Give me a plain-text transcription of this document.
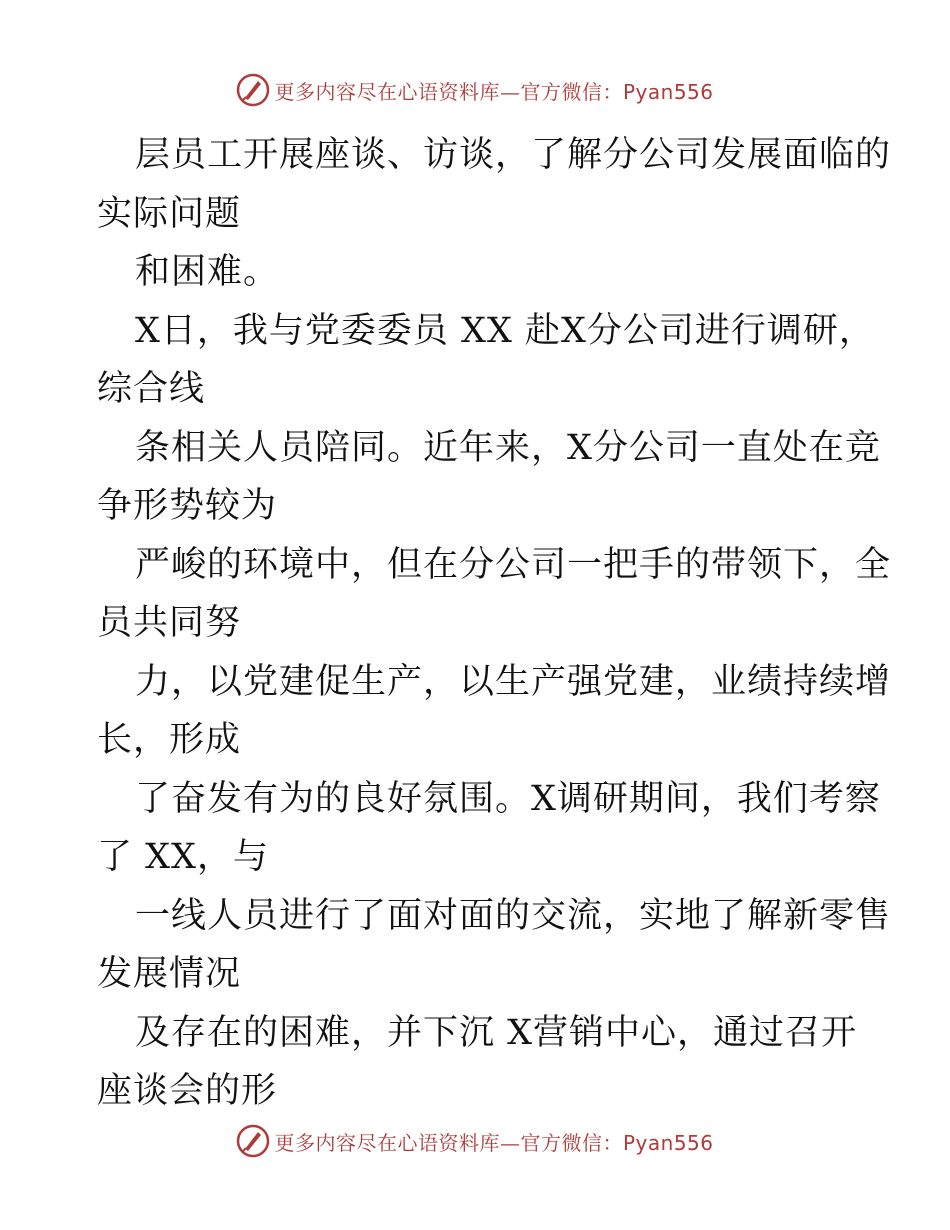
更多内容尽在心语资料库—官方微信：Pyan556
层员工开展座谈、访谈，了解分公司发展面临的
实际问题
和困难。
X日，我与党委委员 XX 赴X分公司进行调研，
综合线
条相关人员陪同。近年来，X分公司一直处在竞
争形势较为
严峻的环境中，但在分公司一把手的带领下，全
员共同努
力，以党建促生产，以生产强党建，业绩持续增
长，形成
了奋发有为的良好氛围。X调研期间，我们考察
了 XX，与
一线人员进行了面对面的交流，实地了解新零售
发展情况
及存在的困难，并下沉 X营销中心，通过召开
座谈会的形
更多内容尽在心语资料库—官方微信：Pyan556
